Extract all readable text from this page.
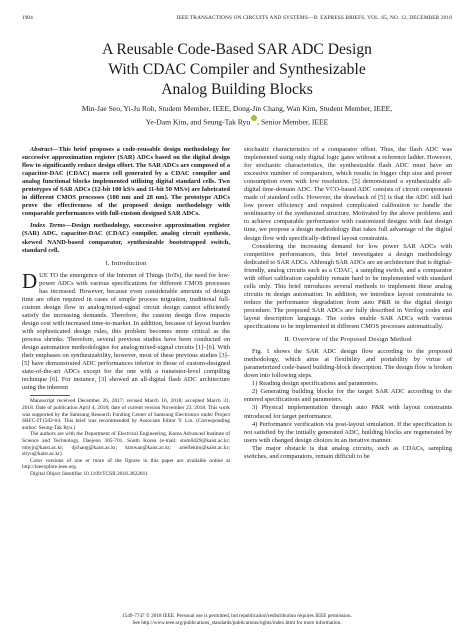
1904	IEEE TRANSACTIONS ON CIRCUITS AND SYSTEMS—II: EXPRESS BRIEFS, VOL. 65, NO. 12, DECEMBER 2018
A Reusable Code-Based SAR ADC Design
With CDAC Compiler and Synthesizable
Analog Building Blocks
Min-Jae Seo, Yi-Ju Roh, Student Member, IEEE, Dong-Jin Chang, Wan Kim, Student Member, IEEE,
Ye-Dam Kim, and Seung-Tak Ryu , Senior Member, IEEE

Abstract—This brief proposes a code-reusable design methodology for successive approximation register (SAR) ADCs based on the digital design flow to significantly reduce design effort. The SAR ADCs are composed of a capacitor-DAC (CDAC) macro cell generated by a CDAC compiler and analog functional blocks implemented utilizing digital standard cells. Two prototypes of SAR ADCs (12-bit 100 kS/s and 11-bit 50 MS/s) are fabricated in different CMOS processes (180 nm and 28 nm). The prototype ADCs prove the effectiveness of the proposed design methodology with comparable performances with full-custom designed SAR ADCs.

Index Terms—Design methodology, successive approximation register (SAR) ADC, capacitor-DAC (CDAC) compiler, analog circuit synthesis, skewed NAND-based comparator, synthesizable bootstrapped switch, standard cell.

I. Introduction

DUE TO the emergence of the Internet of Things (IoTs), the need for low-power ADCs with various specifications for different CMOS processes has increased. However, because even considerable amounts of design time are often required in cases of simple process migration, traditional full-custom design flow in analog/mixed-signal circuit design cannot efficiently satisfy the increasing demands. Therefore, the custom design flow impacts design cost with increased time-to-market. In addition, because of layout burden with sophisticated design rules, this problem becomes more critical as the process shrinks. Therefore, several previous studies have been conducted on design automation methodologies for analog/mixed-signal circuits [1]–[6]. With their emphases on synthesizability, however, most of these previous studies [3]–[5] have demonstrated ADC performances inferior to those of custom-designed state-of-the-art ADCs except for the one with a transistor-level compiling technique [6]. For instance, [3] showed an all-digital flash ADC architecture using the inherent

Manuscript received December 26, 2017; revised March 16, 2018; accepted March 31, 2018. Date of publication April 4, 2018; date of current version November 23, 2018. This work was supported by the Samsung Research Funding Center of Samsung Electronics under Project SRFC-IT1502-04. This brief was recommended by Associate Editor Y. Lin. (Corresponding author: Seung-Tak Ryu.)

The authors are with the Department of Electrical Engineering, Korea Advanced Institute of Science and Technology, Daejeon 305-701, South Korea (e-mail: stom0429@kaist.ac.kr; mhyjr@kaist.ac.kr; djchang@kaist.ac.kr; kimwan@kaist.ac.kr; arielfekim@kaist.ac.kr; stryu@kaist.ac.kr).

Color versions of one or more of the figures in this paper are available online at http://ieeexplore.ieee.org.

Digital Object Identifier 10.1109/TCSII.2018.2822811

stochastic characteristics of a comparator offset. Thus, the flash ADC was implemented using only digital logic gates without a reference ladder. However, for stochastic characteristics, the synthesizable flash ADC must have an excessive number of comparators, which results in bigger chip size and power consumption even with low resolution. [5] demonstrated a synthesizable all-digital time-domain ADC. The VCO-based ADC consists of circuit components made of standard cells. However, the drawback of [5] is that the ADC still had low power efficiency and required complicated calibration to handle the nonlinearity of the synthesized structure. Motivated by the above problems and to achieve comparable performance with customized designs with fast design time, we propose a design methodology that takes full advantage of the digital design flow with specifically-defined layout constraints.

Considering the increasing demand for low power SAR ADCs with competitive performances, this brief investigates a design methodology dedicated to SAR ADCs. Although SAR ADCs are an architecture that is digital-friendly, analog circuits such as a CDAC, a sampling switch, and a comparator with offset calibration capability remain hard to be implemented with standard cells only. This brief introduces several methods to implement these analog circuits in design automation. In addition, we introduce layout constraints to reduce the performance degradation from auto P&R in the digital design procedure. The proposed SAR ADCs are fully described in Verilog codes and layout description language. The codes enable SAR ADCs with various specifications to be implemented in different CMOS processes automatically.

II. Overview of the Proposed Design Method

Fig. 1 shows the SAR ADC design flow according to the proposed methodology, which aims at flexibility and portability by virtue of parameterized code-based building-block description. The design flow is broken down into following steps.

1) Reading design specifications and parameters.

2) Generating building blocks for the target SAR ADC according to the entered specifications and parameters.

3) Physical implementation through auto P&R with layout constraints introduced for target performance.

4) Performance verification via post-layout simulation. If the specification is not satisfied by the initially generated ADC, building blocks are regenerated by users with changed design choices in an iterative manner.

The major obstacle is that analog circuits, such as CDACs, sampling switches, and comparators, remain difficult to be

1549-7747 © 2018 IEEE. Personal use is permitted, but republication/redistribution requires IEEE permission.
See http://www.ieee.org/publications_standards/publications/rights/index.html for more information.
